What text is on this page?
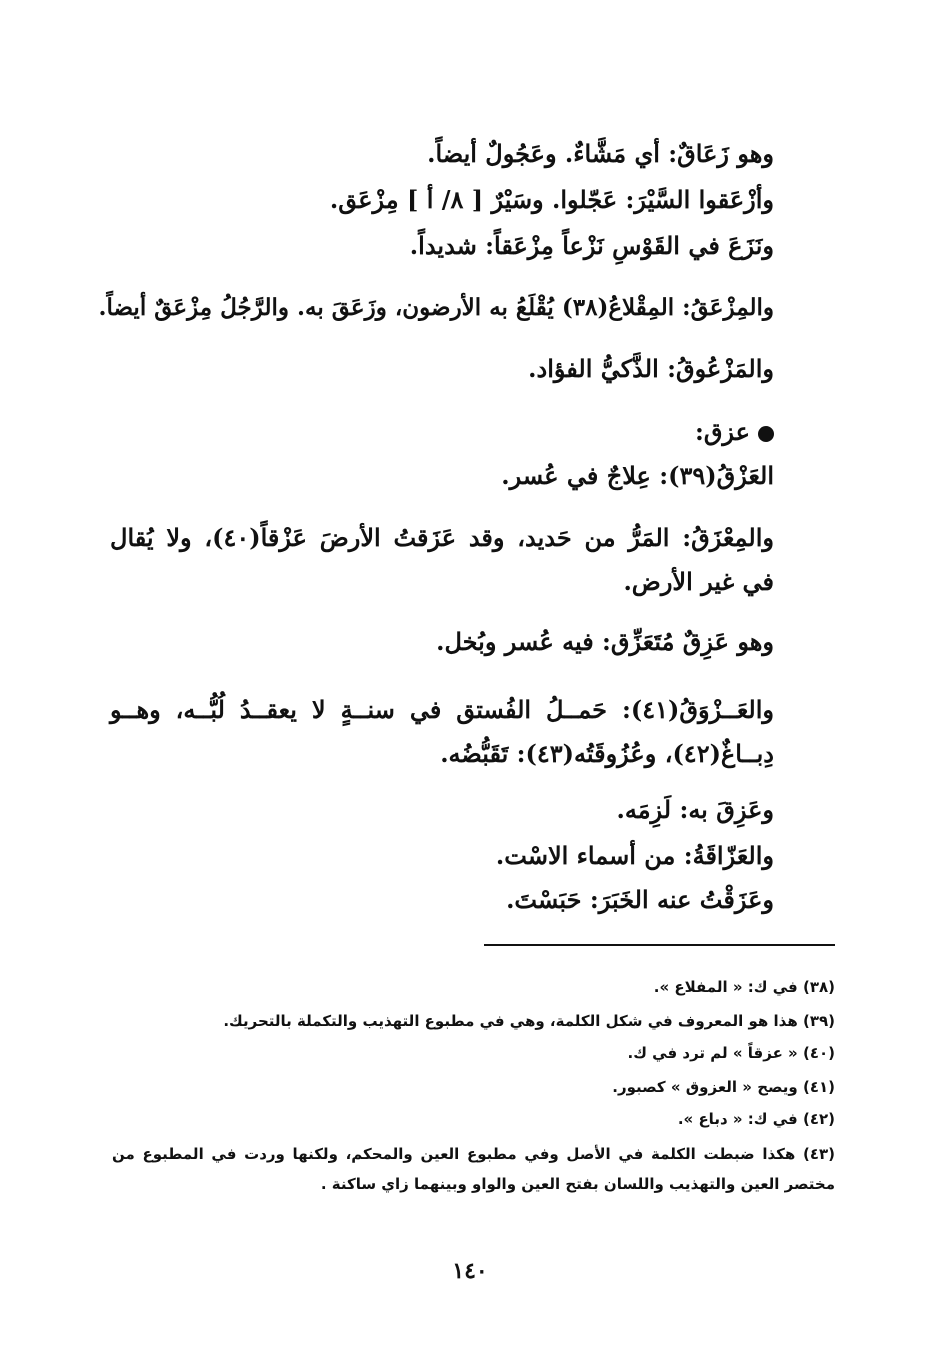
وهو زَعَاقٌ: أي مَشَّاءٌ. وعَجُولٌ أيضاً.

وأزْعَقوا السَّيْرَ: عَجّلوا. وسَيْرٌ [ ٨/ أ ] مِزْعَق.

ونَزَعَ في القَوْسِ نَزْعاً مِزْعَقاً: شديداً.

والمِزْعَقُ: المِقْلاعُ(٣٨) يُقْلَعُ به الأرضون، وزَعَقَ به. والرَّجُلُ مِزْعَقٌ أيضاً.

والمَزْعُوقُ: الذَّكيُّ الفؤاد.

عزق:

العَزْقُ(٣٩): عِلاجٌ في عُسر.

والمِعْزَقُ: المَرُّ من حَديد، وقد عَزَقتُ الأرضَ عَزْقاً(٤٠)، ولا يُقال في غير الأرض.

وهو عَزِقٌ مُتَعَزِّق: فيه عُسر وبُخل.

والعَــزْوَقُ(٤١): حَمــلُ الفُستق في سنــةٍ لا يعقــدُ لُبُّــه، وهــو دِبــاغٌ(٤٢)، وعُزُوقَتُه(٤٣): تَقَبُّضُه.

وعَزِقَ به: لَزِمَه.

والعَزّاقَةُ: من أسماء الاسْت.

وعَزَقْتُ عنه الخَبَرَ: حَبَسْتَ.

(٣٨) في ك: « المفلاع ».

(٣٩) هذا هو المعروف في شكل الكلمة، وهي في مطبوع التهذيب والتكملة بالتحريك.

(٤٠) « عزقاً » لم ترد في ك.

(٤١) ويصح « العزوق » كصبور.

(٤٢) في ك: « دباع ».

(٤٣) هكذا ضبطت الكلمة في الأصل وفي مطبوع العين والمحكم، ولكنها وردت في المطبوع من مختصر العين والتهذيب واللسان بفتح العين والواو وبينهما زاي ساكنة .

١٤٠
